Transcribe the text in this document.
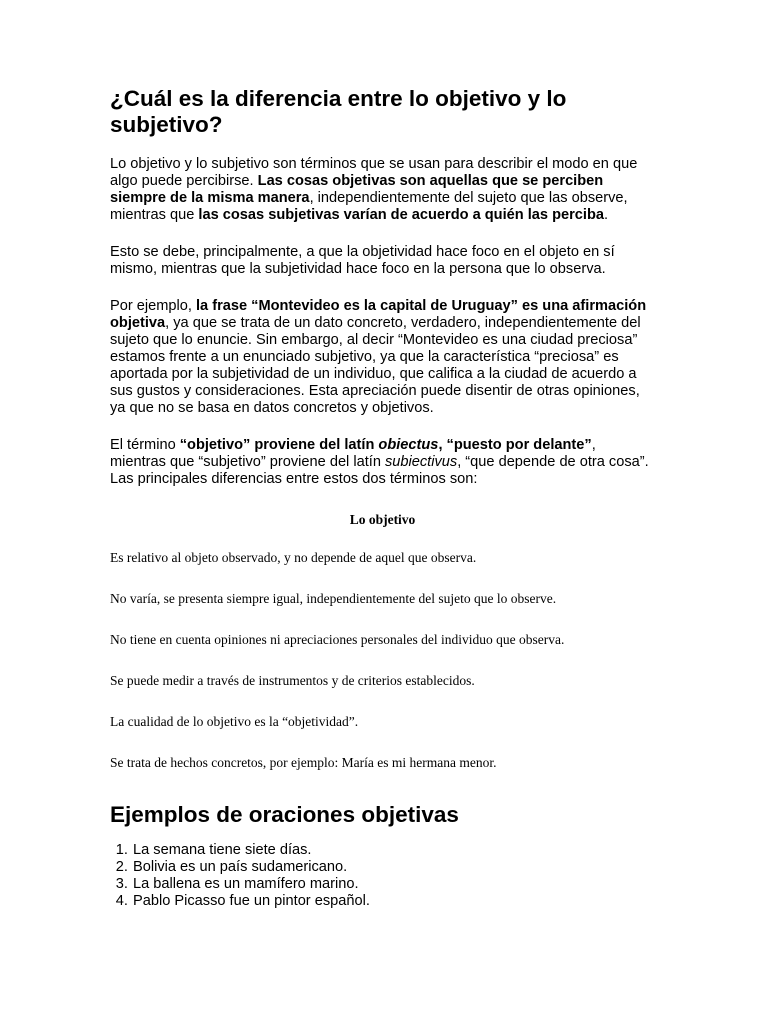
¿Cuál es la diferencia entre lo objetivo y lo subjetivo?

Lo objetivo y lo subjetivo son términos que se usan para describir el modo en que algo puede percibirse. Las cosas objetivas son aquellas que se perciben siempre de la misma manera, independientemente del sujeto que las observe, mientras que las cosas subjetivas varían de acuerdo a quién las perciba.

Esto se debe, principalmente, a que la objetividad hace foco en el objeto en sí mismo, mientras que la subjetividad hace foco en la persona que lo observa.

Por ejemplo, la frase “Montevideo es la capital de Uruguay” es una afirmación objetiva, ya que se trata de un dato concreto, verdadero, independientemente del sujeto que lo enuncie. Sin embargo, al decir “Montevideo es una ciudad preciosa” estamos frente a un enunciado subjetivo, ya que la característica “preciosa” es aportada por la subjetividad de un individuo, que califica a la ciudad de acuerdo a sus gustos y consideraciones. Esta apreciación puede disentir de otras opiniones, ya que no se basa en datos concretos y objetivos.

El término “objetivo” proviene del latín obiectus, “puesto por delante”, mientras que “subjetivo” proviene del latín subiectivus, “que depende de otra cosa”. Las principales diferencias entre estos dos términos son:

Lo objetivo
Es relativo al objeto observado, y no depende de aquel que observa.
No varía, se presenta siempre igual, independientemente del sujeto que lo observe.
No tiene en cuenta opiniones ni apreciaciones personales del individuo que observa.
Se puede medir a través de instrumentos y de criterios establecidos.
La cualidad de lo objetivo es la “objetividad”.
Se trata de hechos concretos, por ejemplo: María es mi hermana menor.
Ejemplos de oraciones objetivas
1. La semana tiene siete días.
2. Bolivia es un país sudamericano.
3. La ballena es un mamífero marino.
4. Pablo Picasso fue un pintor español.
